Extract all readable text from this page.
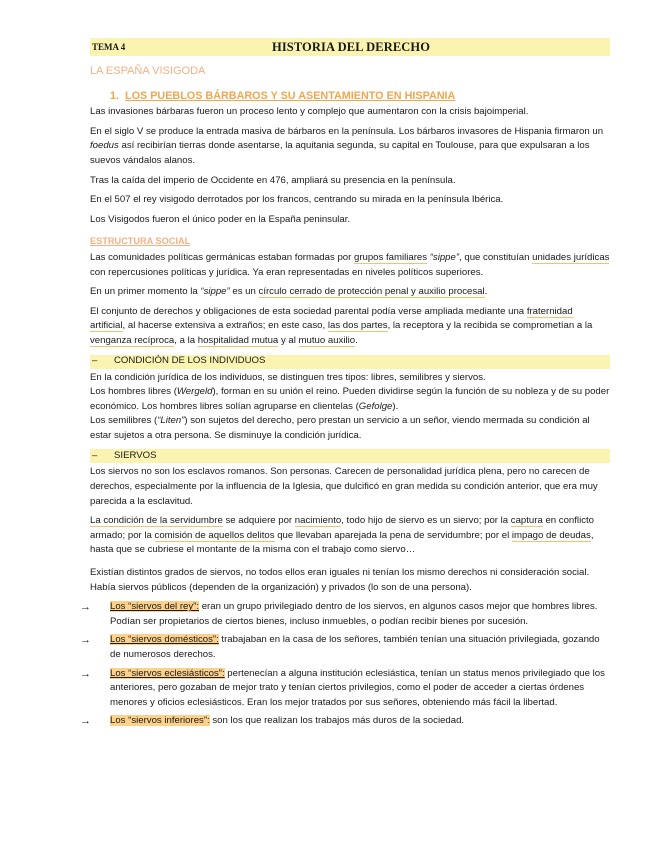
TEMA 4	HISTORIA DEL DERECHO
LA ESPAÑA VISIGODA
1. LOS PUEBLOS BÁRBAROS Y SU ASENTAMIENTO EN HISPANIA

Las invasiones bárbaras fueron un proceso lento y complejo que aumentaron con la crisis bajoimperial.

En el siglo V se produce la entrada masiva de bárbaros en la península. Los bárbaros invasores de Hispania firmaron un foedus así recibirían tierras donde asentarse, la aquitania segunda, su capital en Toulouse, para que expulsaran a los suevos vándalos alanos.

Tras la caída del imperio de Occidente en 476, ampliará su presencia en la península.

En el 507 el rey visigodo derrotados por los francos, centrando su mirada en la península Ibérica.

Los Visigodos fueron el único poder en la España peninsular.

ESTRUCTURA SOCIAL

Las comunidades políticas germánicas estaban formadas por grupos familiares “sippe”, que constituían unidades jurídicas con repercusiones políticas y jurídica. Ya eran representadas en niveles políticos superiores.

En un primer momento la “sippe” es un círculo cerrado de protección penal y auxilio procesal.

El conjunto de derechos y obligaciones de esta sociedad parental podía verse ampliada mediante una fraternidad artificial, al hacerse extensiva a extraños; en este caso, las dos partes, la receptora y la recibida se comprometían a la venganza recíproca, a la hospitalidad mutua y al mutuo auxilio.

–	CONDICIÓN DE LOS INDIVIDUOS
En la condición jurídica de los individuos, se distinguen tres tipos: libres, semilibres y siervos.
Los hombres libres (Wergeld), forman en su unión el reino. Pueden dividirse según la función de su nobleza y de su poder económico. Los hombres libres solían agruparse en clientelas (Gefolge).
Los semilibres (“Liten”) son sujetos del derecho, pero prestan un servicio a un señor, viendo mermada su condición al estar sujetos a otra persona. Se disminuye la condición jurídica.
–	SIERVOS

Los siervos no son los esclavos romanos. Son personas. Carecen de personalidad jurídica plena, pero no carecen de derechos, especialmente por la influencia de la Iglesia, que dulcificó en gran medida su condición anterior, que era muy parecida a la esclavitud.

La condición de la servidumbre se adquiere por nacimiento, todo hijo de siervo es un siervo; por la captura en conflicto armado; por la comisión de aquellos delitos que llevaban aparejada la pena de servidumbre; por el impago de deudas, hasta que se cubriese el montante de la misma con el trabajo como siervo…

Existían distintos grados de siervos, no todos ellos eran iguales ni tenían los mismo derechos ni consideración social. Había siervos públicos (dependen de la organización) y privados (lo son de una persona).

→ Los “siervos del rey”: eran un grupo privilegiado dentro de los siervos, en algunos casos mejor que hombres libres. Podían ser propietarios de ciertos bienes, incluso inmuebles, o podían recibir bienes por sucesión.
→ Los “siervos domésticos”: trabajaban en la casa de los señores, también tenían una situación privilegiada, gozando de numerosos derechos.
→ Los “siervos eclesiásticos”: pertenecían a alguna institución eclesiástica, tenían un status menos privilegiado que los anteriores, pero gozaban de mejor trato y tenían ciertos privilegios, como el poder de acceder a ciertas órdenes menores y oficios eclesiásticos. Eran los mejor tratados por sus señores, obteniendo más fácil la libertad.
→ Los “siervos inferiores”: son los que realizan los trabajos más duros de la sociedad.
